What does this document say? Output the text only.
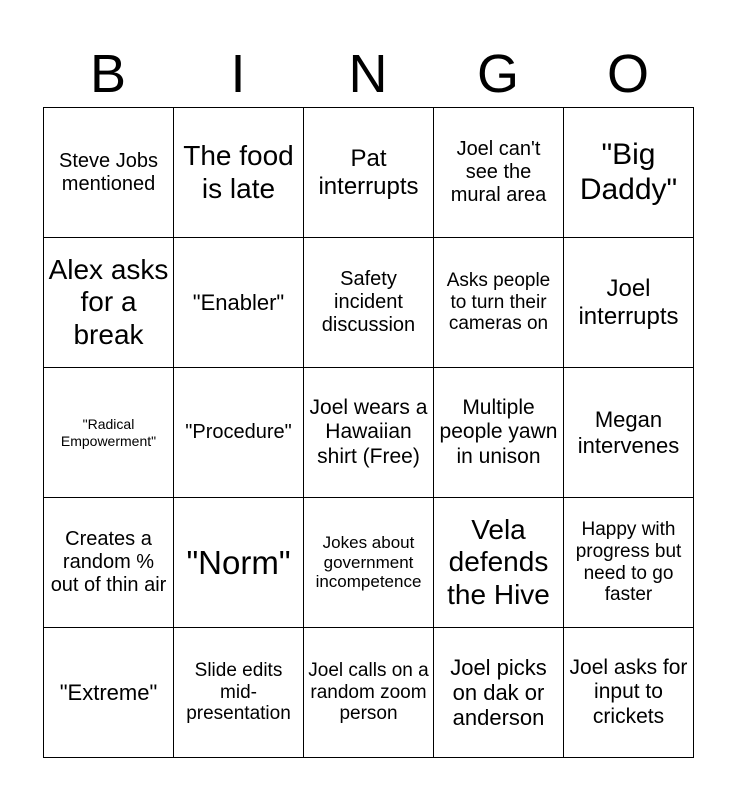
B	I	N	G	O
Steve Jobs mentioned	The food is late	Pat interrupts	Joel can't see the mural area	"Big Daddy"
Alex asks for a break	"Enabler"	Safety incident discussion	Asks people to turn their cameras on	Joel interrupts
"Radical Empowerment"	"Procedure"	Joel wears a Hawaiian shirt (Free)	Multiple people yawn in unison	Megan intervenes
Creates a random % out of thin air	"Norm"	Jokes about government incompetence	Vela defends the Hive	Happy with progress but need to go faster
"Extreme"	Slide edits mid-presentation	Joel calls on a random zoom person	Joel picks on dak or anderson	Joel asks for input to crickets
